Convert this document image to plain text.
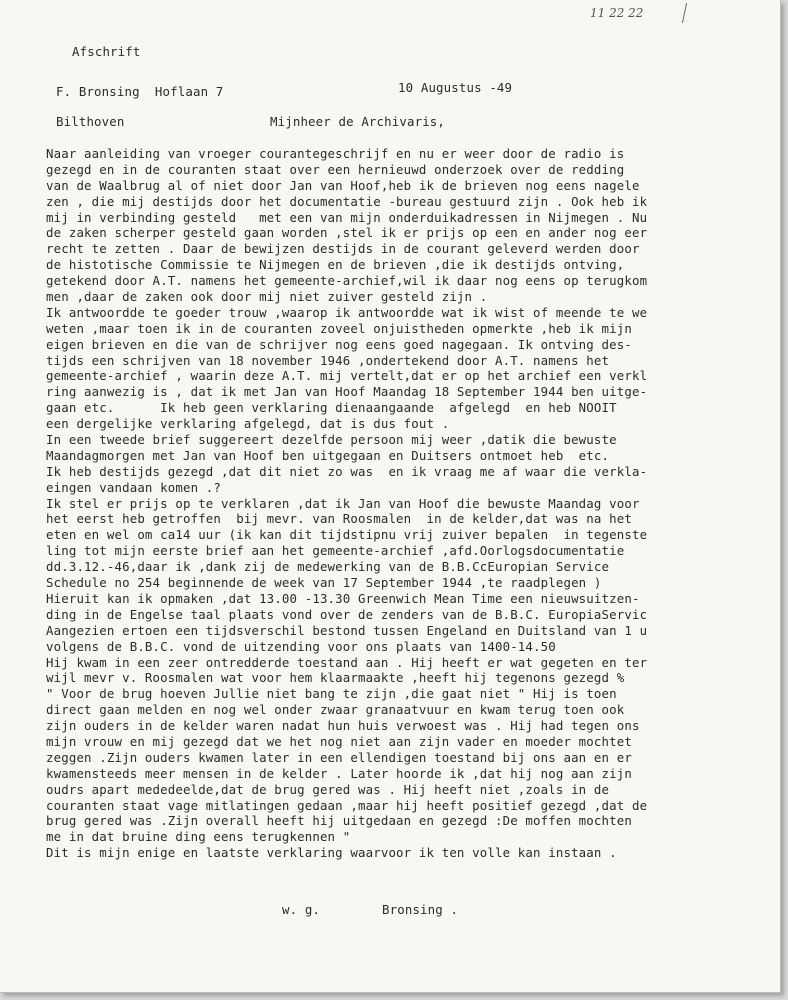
11 22 22
Afschrift
F. Bronsing  Hoflaan 7	10 Augustus -49
Bilthoven	Mijnheer de Archivaris,
Naar aanleiding van vroeger courantegeschrijf en nu er weer door de radio is
gezegd en in de couranten staat over een hernieuwd onderzoek over de redding
van de Waalbrug al of niet door Jan van Hoof,heb ik de brieven nog eens nagele
zen , die mij destijds door het documentatie -bureau gestuurd zijn . Ook heb ik
mij in verbinding gesteld   met een van mijn onderduikadressen in Nijmegen . Nu
de zaken scherper gesteld gaan worden ,stel ik er prijs op een en ander nog eer
recht te zetten . Daar de bewijzen destijds in de courant geleverd werden door
de histotische Commissie te Nijmegen en de brieven ,die ik destijds ontving,
getekend door A.T. namens het gemeente-archief,wil ik daar nog eens op terugkom
men ,daar de zaken ook door mij niet zuiver gesteld zijn .
Ik antwoordde te goeder trouw ,waarop ik antwoordde wat ik wist of meende te we
weten ,maar toen ik in de couranten zoveel onjuistheden opmerkte ,heb ik mijn
eigen brieven en die van de schrijver nog eens goed nagegaan. Ik ontving des-
tijds een schrijven van 18 november 1946 ,ondertekend door A.T. namens het
gemeente-archief , waarin deze A.T. mij vertelt,dat er op het archief een verkl
ring aanwezig is , dat ik met Jan van Hoof Maandag 18 September 1944 ben uitge-
gaan etc.      Ik heb geen verklaring dienaangaande  afgelegd  en heb NOOIT
een dergelijke verklaring afgelegd, dat is dus fout .
In een tweede brief suggereert dezelfde persoon mij weer ,datik die bewuste
Maandagmorgen met Jan van Hoof ben uitgegaan en Duitsers ontmoet heb  etc.
Ik heb destijds gezegd ,dat dit niet zo was  en ik vraag me af waar die verkla-
eingen vandaan komen .?
Ik stel er prijs op te verklaren ,dat ik Jan van Hoof die bewuste Maandag voor
het eerst heb getroffen  bij mevr. van Roosmalen  in de kelder,dat was na het
eten en wel om ca14 uur (ik kan dit tijdstipnu vrij zuiver bepalen  in tegenste
ling tot mijn eerste brief aan het gemeente-archief ,afd.Oorlogsdocumentatie
dd.3.12.-46,daar ik ,dank zij de medewerking van de B.B.CcEuropian Service
Schedule no 254 beginnende de week van 17 September 1944 ,te raadplegen )
Hieruit kan ik opmaken ,dat 13.00 -13.30 Greenwich Mean Time een nieuwsuitzen-
ding in de Engelse taal plaats vond over de zenders van de B.B.C. EuropiaServic
Aangezien ertoen een tijdsverschil bestond tussen Engeland en Duitsland van 1 u
volgens de B.B.C. vond de uitzending voor ons plaats van 1400-14.50
Hij kwam in een zeer ontredderde toestand aan . Hij heeft er wat gegeten en ter
wijl mevr v. Roosmalen wat voor hem klaarmaakte ,heeft hij tegenons gezegd %
" Voor de brug hoeven Jullie niet bang te zijn ,die gaat niet " Hij is toen
direct gaan melden en nog wel onder zwaar granaatvuur en kwam terug toen ook
zijn ouders in de kelder waren nadat hun huis verwoest was . Hij had tegen ons
mijn vrouw en mij gezegd dat we het nog niet aan zijn vader en moeder mochtet
zeggen .Zijn ouders kwamen later in een ellendigen toestand bij ons aan en er
kwamensteeds meer mensen in de kelder . Later hoorde ik ,dat hij nog aan zijn
oudrs apart mededeelde,dat de brug gered was . Hij heeft niet ,zoals in de
couranten staat vage mitlatingen gedaan ,maar hij heeft positief gezegd ,dat de
brug gered was .Zijn overall heeft hij uitgedaan en gezegd :De moffen mochten
me in dat bruine ding eens terugkennen "
Dit is mijn enige en laatste verklaring waarvoor ik ten volle kan instaan .
w. g.	Bronsing .
